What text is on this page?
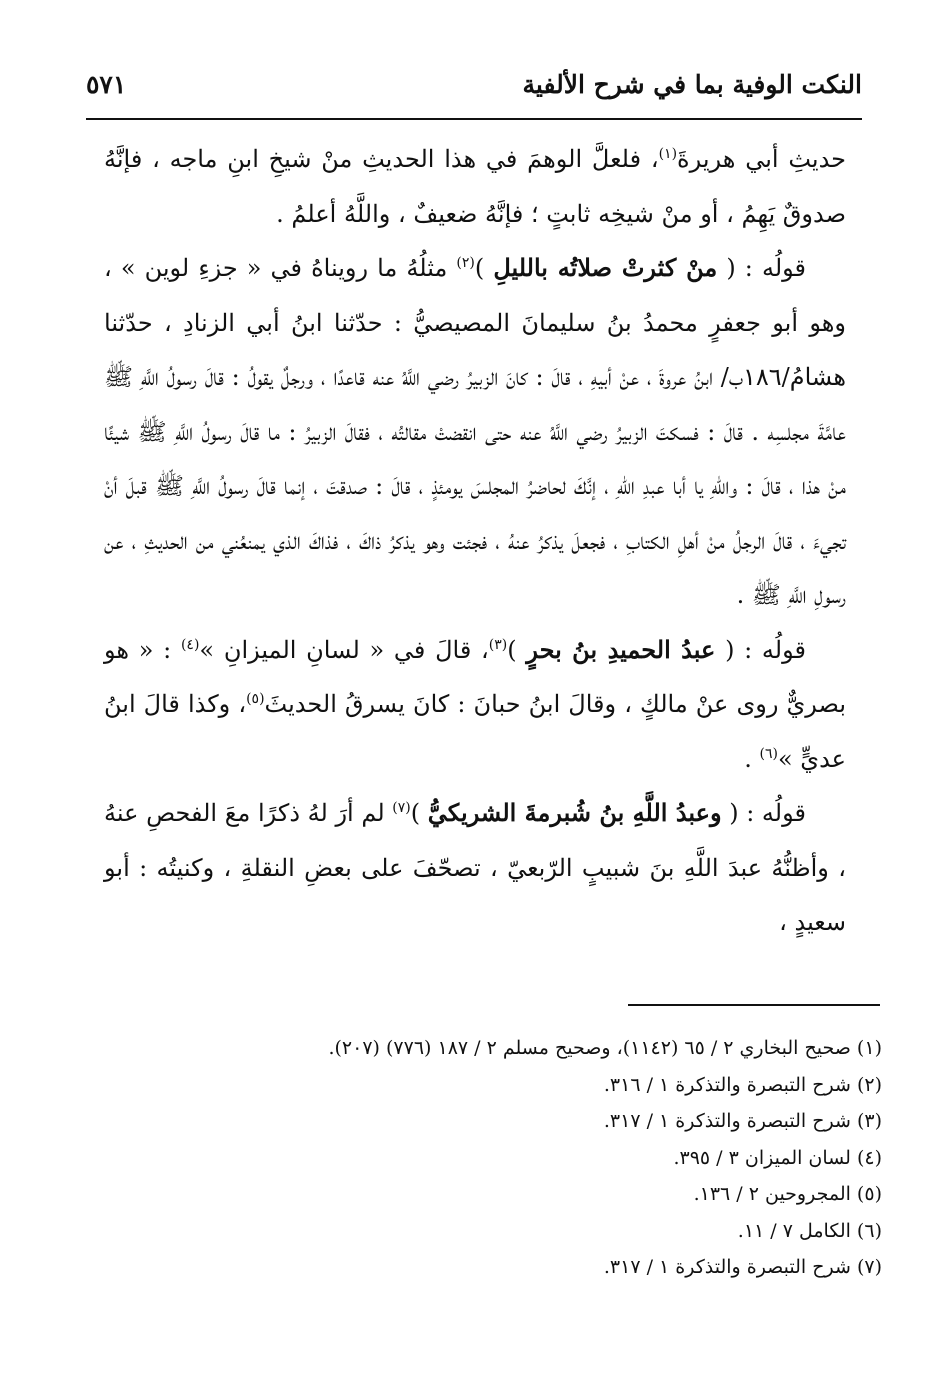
النكت الوفية بما في شرح الألفية
٥٧١

حديثِ أبي هريرةَ$^{(١)}$، فلعلَّ الوهمَ في هذا الحديثِ منْ شيخِ ابنِ ماجه ، فإنَّهُ صدوقٌ يَهِمُ ، أو منْ شيخِه ثابتٍ ؛ فإنَّهُ ضعيفٌ ، واللَّهُ أعلمُ .

قولُه : ( منْ كثرتْ صلاتُه بالليلِ )$^{(٢)}$ مثلُهُ ما رويناهُ في « جزءِ لوين » ، وهو أبو جعفرٍ محمدُ بنُ سليمانَ المصيصيُّ : حدّثنا ابنُ أبي الزنادِ ، حدّثنا هشامُ/١٨٦ب/ ابنُ عروةَ ، عنْ أبيهِ ، قالَ : كانَ الزبيرُ رضي اللَّهُ عنه قاعدًا ، ورجلٌ يقولُ : قالَ رسولُ اللَّهِ ﷺ عامَّةَ مجلسِه . قالَ : فسكتَ الزبيرُ رضي اللَّهُ عنه حتى انقضتْ مقالتُه ، فقالَ الزبيرُ : ما قالَ رسولُ اللَّهِ ﷺ شيئًا منْ هذا ، قالَ : واللهِ يا أبا عبدِ اللهِ ، إنَّكَ لحاضرُ المجلسَ يومئذٍ ، قالَ : صدقتَ ، إنما قالَ رسولُ اللَّهِ ﷺ قبلَ أنْ تجيءَ ، قالَ الرجلُ منْ أهلِ الكتابِ ، فجعلَ يذكرُ عنهُ ، فجئت وهو يذكرُ ذاكَ ، فذاكَ الذي يمنعُني من الحديثِ ، عن رسولِ اللَّهِ ﷺ .

قولُه : ( عبدُ الحميدِ بنُ بحرٍ )$^{(٣)}$، قالَ في « لسانِ الميزانِ »$^{(٤)}$ : « هو بصريٌّ روى عنْ مالكٍ ، وقالَ ابنُ حبانَ : كانَ يسرقُ الحديثَ$^{(٥)}$، وكذا قالَ ابنُ عديٍّ »$^{(٦)}$ .

قولُه : ( وعبدُ اللَّهِ بنُ شُبرمةَ الشريكيُّ )$^{(٧)}$ لم أرَ لهُ ذكرًا معَ الفحصِ عنهُ ، وأظنُّهُ عبدَ اللَّهِ بنَ شبيبٍ الرّبعيّ ، تصحّفَ على بعضِ النقلةِ ، وكنيتُه : أبو سعيدٍ ،

(١) صحيح البخاري ٢ / ٦٥ (١١٤٢)، وصحيح مسلم ٢ / ١٨٧ (٧٧٦) (٢٠٧).

(٢) شرح التبصرة والتذكرة ١ / ٣١٦.

(٣) شرح التبصرة والتذكرة ١ / ٣١٧.

(٤) لسان الميزان ٣ / ٣٩٥.

(٥) المجروحين ٢ / ١٣٦.

(٦) الكامل ٧ / ١١.

(٧) شرح التبصرة والتذكرة ١ / ٣١٧.
